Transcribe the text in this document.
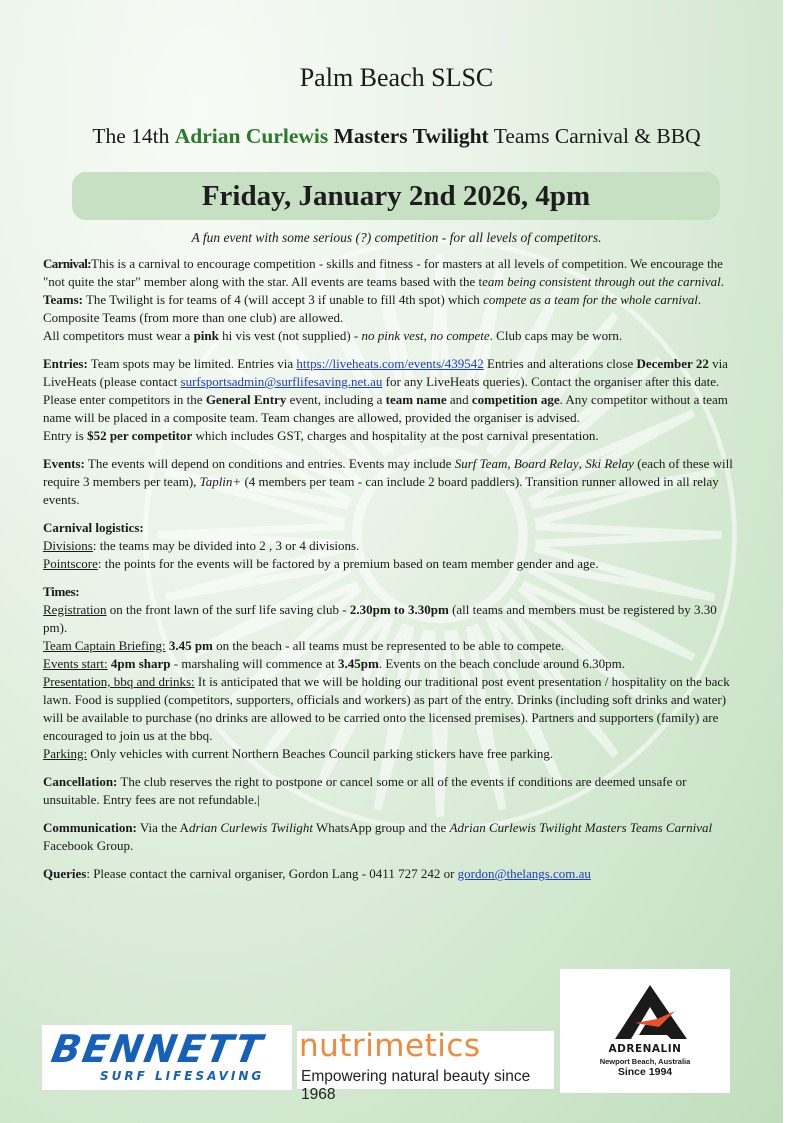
Palm Beach SLSC
The 14th Adrian Curlewis Masters Twilight Teams Carnival & BBQ
Friday, January 2nd 2026, 4pm
A fun event with some serious (?) competition - for all levels of competitors.

Carnival:This is a carnival to encourage competition - skills and fitness - for masters at all levels of competition. We encourage the "not quite the star" member along with the star. All events are teams based with the team being consistent through out the carnival.
Teams: The Twilight is for teams of 4 (will accept 3 if unable to fill 4th spot) which compete as a team for the whole carnival. Composite Teams (from more than one club) are allowed.
All competitors must wear a pink hi vis vest (not supplied) - no pink vest, no compete. Club caps may be worn.

Entries: Team spots may be limited. Entries via https://liveheats.com/events/439542 Entries and alterations close December 22 via LiveHeats (please contact surfsportsadmin@surflifesaving.net.au for any LiveHeats queries). Contact the organiser after this date. Please enter competitors in the General Entry event, including a team name and competition age. Any competitor without a team name will be placed in a composite team. Team changes are allowed, provided the organiser is advised.
Entry is $52 per competitor which includes GST, charges and hospitality at the post carnival presentation.

Events: The events will depend on conditions and entries. Events may include Surf Team, Board Relay, Ski Relay (each of these will require 3 members per team), Taplin+ (4 members per team - can include 2 board paddlers). Transition runner allowed in all relay events.

Carnival logistics:
Divisions: the teams may be divided into 2 , 3 or 4 divisions.
Pointscore: the points for the events will be factored by a premium based on team member gender and age.

Times:
Registration on the front lawn of the surf life saving club - 2.30pm to 3.30pm (all teams and members must be registered by 3.30 pm).
Team Captain Briefing: 3.45 pm on the beach - all teams must be represented to be able to compete.
Events start: 4pm sharp - marshaling will commence at 3.45pm. Events on the beach conclude around 6.30pm.
Presentation, bbq and drinks: It is anticipated that we will be holding our traditional post event presentation / hospitality on the back lawn. Food is supplied (competitors, supporters, officials and workers) as part of the entry. Drinks (including soft drinks and water) will be available to purchase (no drinks are allowed to be carried onto the licensed premises). Partners and supporters (family) are encouraged to join us at the bbq.
Parking: Only vehicles with current Northern Beaches Council parking stickers have free parking.

Cancellation: The club reserves the right to postpone or cancel some or all of the events if conditions are deemed unsafe or unsuitable. Entry fees are not refundable.|

Communication: Via the Adrian Curlewis Twilight WhatsApp group and the Adrian Curlewis Twilight Masters Teams Carnival Facebook Group.

Queries: Please contact the carnival organiser, Gordon Lang - 0411 727 242 or gordon@thelangs.com.au

BENNETT
SURF LIFESAVING
nutrimetics
Empowering natural beauty since 1968
ADRENALIN
Newport Beach, Australia
Since 1994
